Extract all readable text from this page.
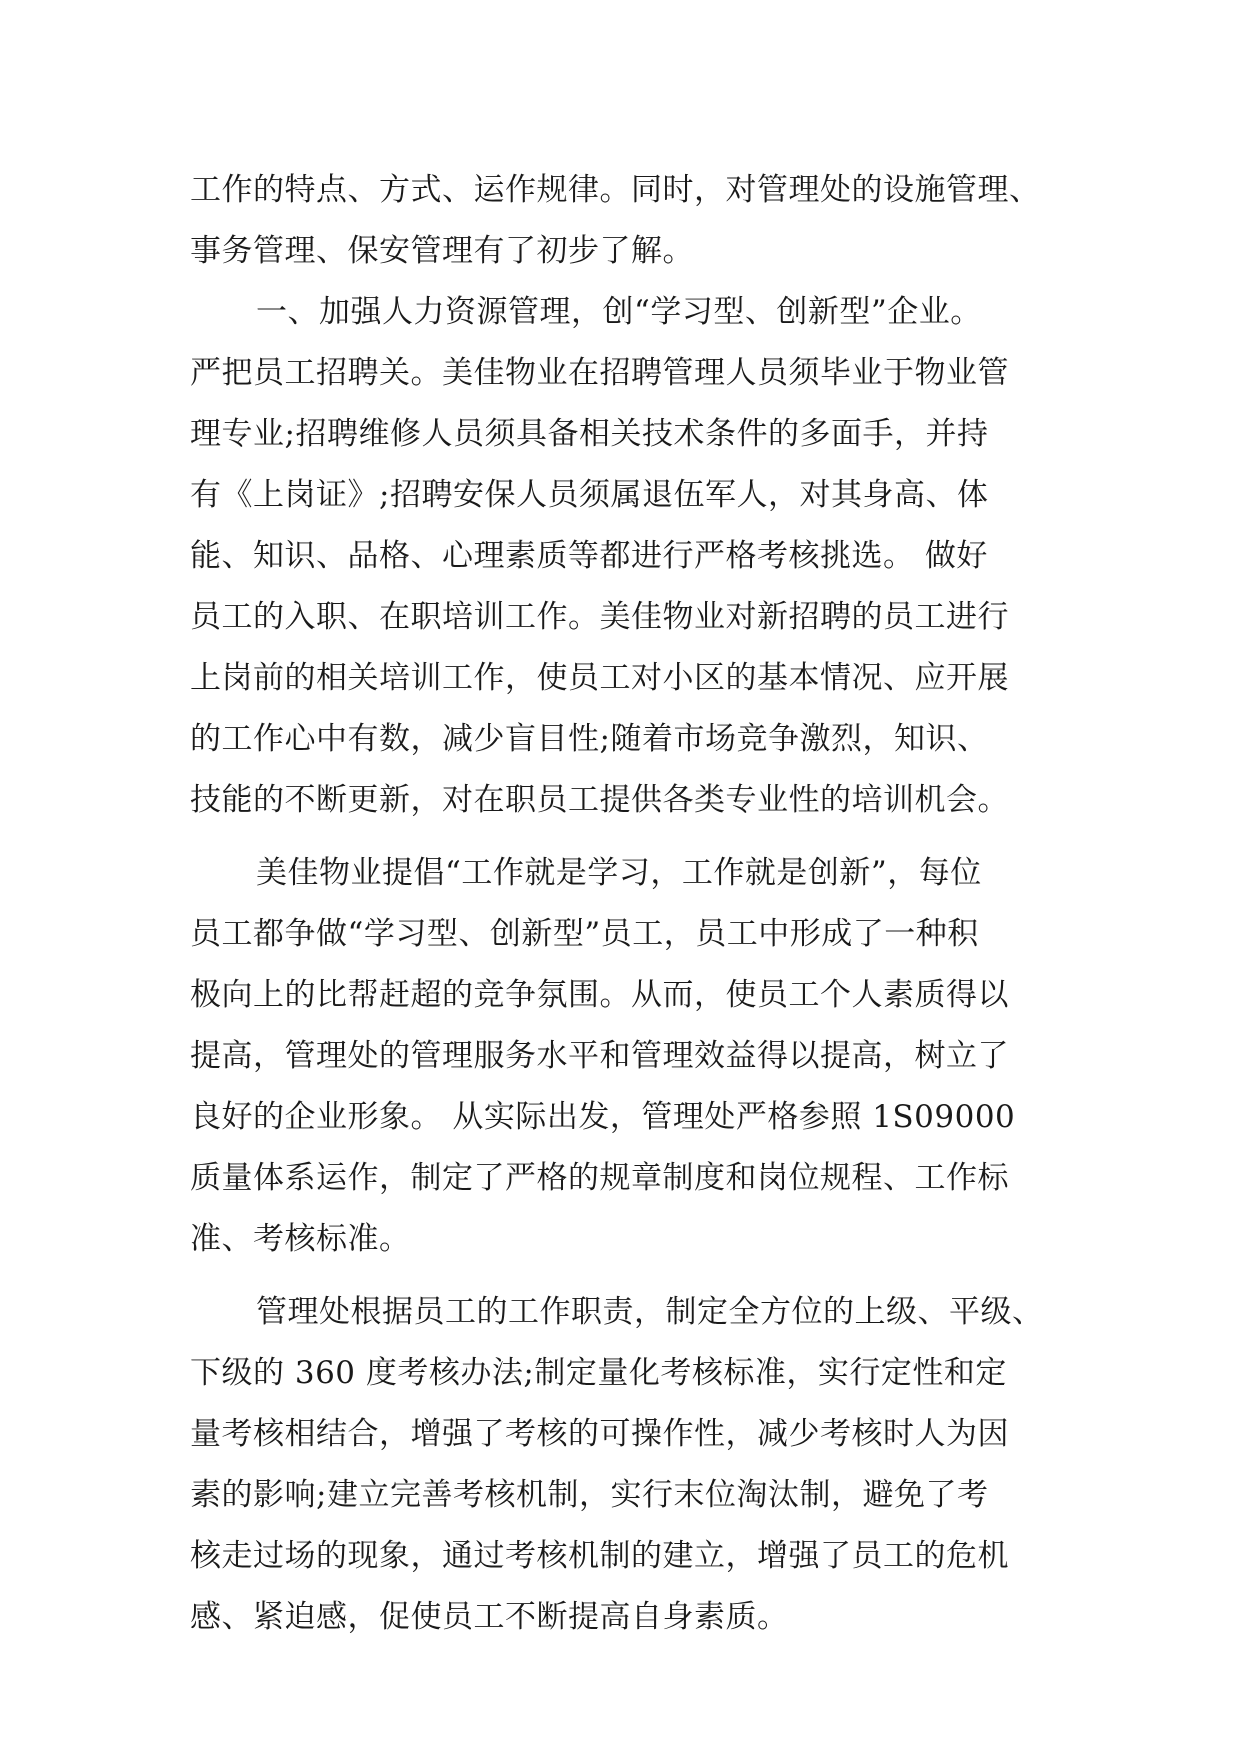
工作的特点、方式、运作规律。同时，对管理处的设施管理、
事务管理、保安管理有了初步了解。
一、加强人力资源管理，创“学习型、创新型”企业。
严把员工招聘关。美佳物业在招聘管理人员须毕业于物业管
理专业;招聘维修人员须具备相关技术条件的多面手，并持
有《上岗证》;招聘安保人员须属退伍军人，对其身高、体
能、知识、品格、心理素质等都进行严格考核挑选。 做好
员工的入职、在职培训工作。美佳物业对新招聘的员工进行
上岗前的相关培训工作，使员工对小区的基本情况、应开展
的工作心中有数，减少盲目性;随着市场竞争激烈，知识、
技能的不断更新，对在职员工提供各类专业性的培训机会。
美佳物业提倡“工作就是学习，工作就是创新”，每位
员工都争做“学习型、创新型”员工，员工中形成了一种积
极向上的比帮赶超的竞争氛围。从而，使员工个人素质得以
提高，管理处的管理服务水平和管理效益得以提高，树立了
良好的企业形象。 从实际出发，管理处严格参照 1S09000
质量体系运作，制定了严格的规章制度和岗位规程、工作标
准、考核标准。
管理处根据员工的工作职责，制定全方位的上级、平级、
下级的 360 度考核办法;制定量化考核标准，实行定性和定
量考核相结合，增强了考核的可操作性，减少考核时人为因
素的影响;建立完善考核机制，实行末位淘汰制，避免了考
核走过场的现象，通过考核机制的建立，增强了员工的危机
感、紧迫感，促使员工不断提高自身素质。
